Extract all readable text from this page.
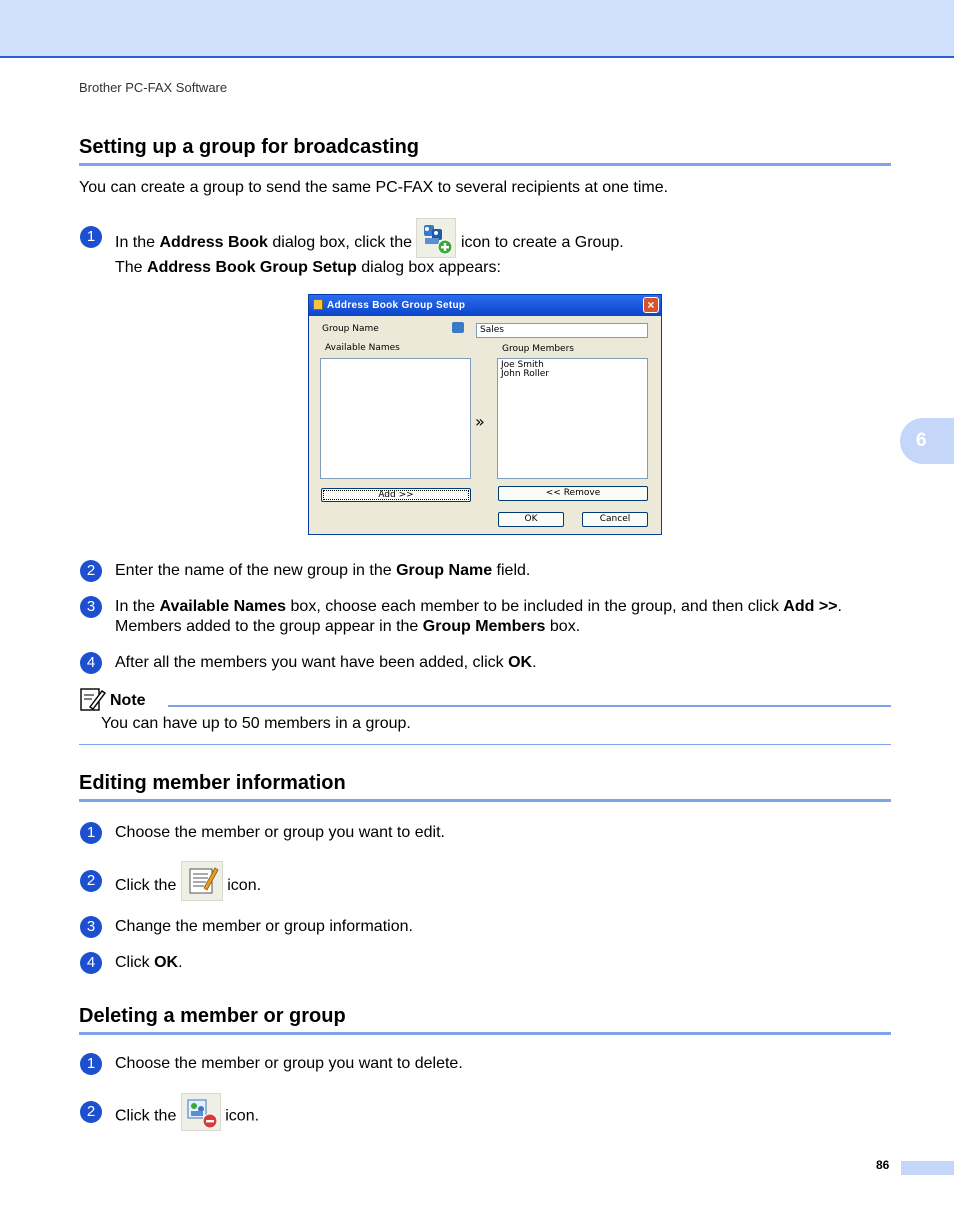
Brother PC-FAX Software
6
Setting up a group for broadcasting
You can create a group to send the same PC-FAX to several recipients at one time.
1	In the Address Book dialog box, click the	icon to create a Group.
The Address Book Group Setup dialog box appears:
Address Book Group Setup	×
Group Name	Sales
Available Names	Group Members
»
Joe Smith
John Roller
Add >>	<< Remove
OK	Cancel
2	Enter the name of the new group in the Group Name field.
3	In the Available Names box, choose each member to be included in the group, and then click Add >>.
Members added to the group appear in the Group Members box.
4	After all the members you want have been added, click OK.
Note
You can have up to 50 members in a group.
Editing member information
1	Choose the member or group you want to edit.
2	Click the	icon.
3	Change the member or group information.
4	Click OK.
Deleting a member or group
1	Choose the member or group you want to delete.
2	Click the	icon.
86
